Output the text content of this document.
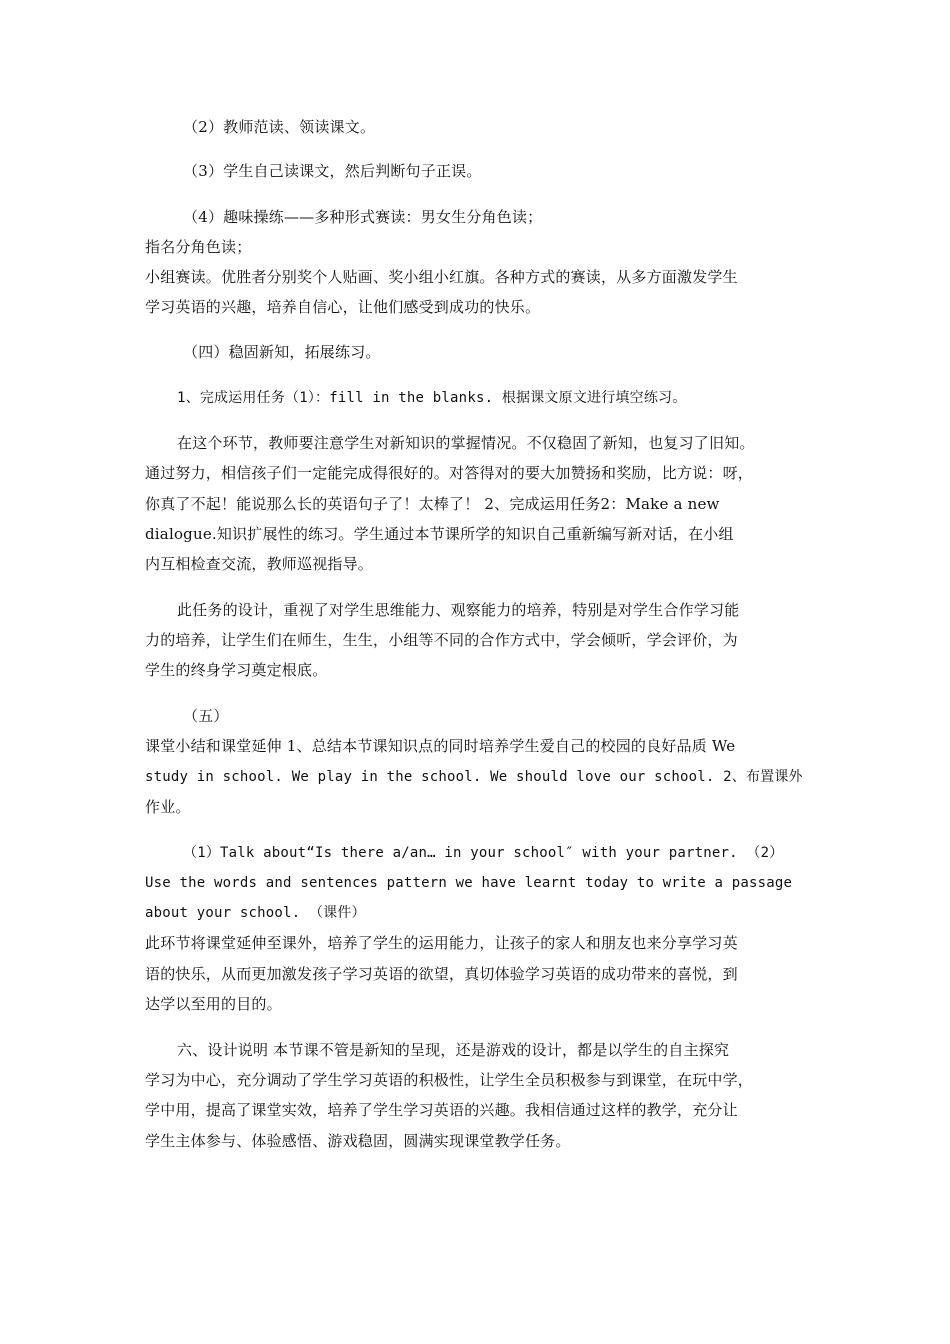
（2）教师范读、领读课文。
（3）学生自己读课文，然后判断句子正误。
（4）趣味操练——多种形式赛读：男女生分角色读；
指名分角色读；
小组赛读。优胜者分别奖个人贴画、奖小组小红旗。各种方式的赛读，从多方面激发学生
学习英语的兴趣，培养自信心，让他们感受到成功的快乐。
（四）稳固新知，拓展练习。
1、完成运用任务（1）：fill in the blanks. 根据课文原文进行填空练习。
在这个环节，教师要注意学生对新知识的掌握情况。不仅稳固了新知，也复习了旧知。
通过努力，相信孩子们一定能完成得很好的。对答得对的要大加赞扬和奖励，比方说：呀，
你真了不起！能说那么长的英语句子了！太棒了！ 2、完成运用任务2：Make a new
dialogue.知识扩展性的练习。学生通过本节课所学的知识自己重新编写新对话，在小组
内互相检查交流，教师巡视指导。
此任务的设计，重视了对学生思维能力、观察能力的培养，特别是对学生合作学习能
力的培养，让学生们在师生，生生，小组等不同的合作方式中，学会倾听，学会评价，为
学生的终身学习奠定根底。
（五）
课堂小结和课堂延伸 1、总结本节课知识点的同时培养学生爱自己的校园的良好品质 We
study in school. We play in the school. We should love our school. 2、布置课外
作业。
（1）Talk about“Is there a/an… in your school″ with your partner. （2）
Use the words and sentences pattern we have learnt today to write a passage
about your school. （课件）
此环节将课堂延伸至课外，培养了学生的运用能力，让孩子的家人和朋友也来分享学习英
语的快乐，从而更加激发孩子学习英语的欲望，真切体验学习英语的成功带来的喜悦，到
达学以至用的目的。
六、设计说明 本节课不管是新知的呈现，还是游戏的设计，都是以学生的自主探究
学习为中心，充分调动了学生学习英语的积极性，让学生全员积极参与到课堂，在玩中学，
学中用，提高了课堂实效，培养了学生学习英语的兴趣。我相信通过这样的教学，充分让
学生主体参与、体验感悟、游戏稳固，圆满实现课堂教学任务。
